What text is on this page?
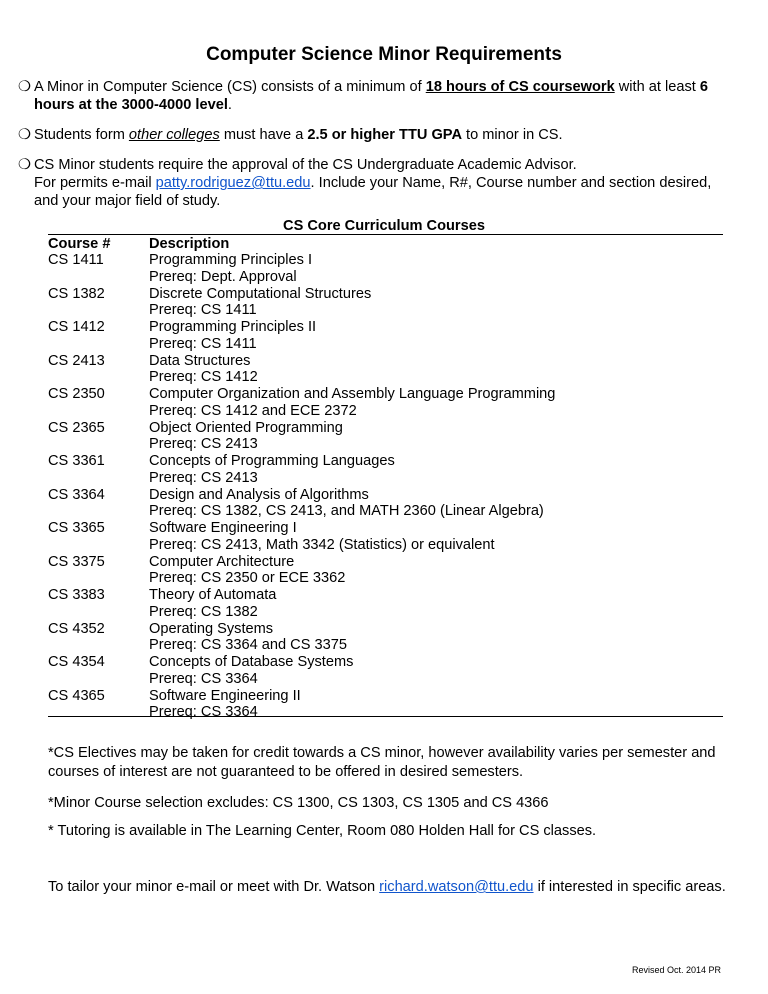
Computer Science Minor Requirements
❍ A Minor in Computer Science (CS) consists of a minimum of 18 hours of CS coursework with at least 6 hours at the 3000-4000 level.
❍ Students form other colleges must have a 2.5 or higher TTU GPA to minor in CS.
❍ CS Minor students require the approval of the CS Undergraduate Academic Advisor.
For permits e-mail patty.rodriguez@ttu.edu. Include your Name, R#, Course number and section desired, and your major field of study.
CS Core Curriculum Courses
Course #	Description
CS 1411	Programming Principles I
Prereq: Dept. Approval
CS 1382	Discrete Computational Structures
Prereq: CS 1411
CS 1412	Programming Principles II
Prereq: CS 1411
CS 2413	Data Structures
Prereq: CS 1412
CS 2350	Computer Organization and Assembly Language Programming
Prereq: CS 1412 and ECE 2372
CS 2365	Object Oriented Programming
Prereq: CS 2413
CS 3361	Concepts of Programming Languages
Prereq: CS 2413
CS 3364	Design and Analysis of Algorithms
Prereq: CS 1382, CS 2413, and MATH 2360 (Linear Algebra)
CS 3365	Software Engineering I
Prereq: CS 2413, Math 3342 (Statistics) or equivalent
CS 3375	Computer Architecture
Prereq: CS 2350 or ECE 3362
CS 3383	Theory of Automata
Prereq: CS 1382
CS 4352	Operating Systems
Prereq: CS 3364 and CS 3375
CS 4354	Concepts of Database Systems
Prereq: CS 3364
CS 4365	Software Engineering II
Prereq: CS 3364
*CS Electives may be taken for credit towards a CS minor, however availability varies per semester and courses of interest are not guaranteed to be offered in desired semesters.
*Minor Course selection excludes: CS 1300, CS 1303, CS 1305 and CS 4366
* Tutoring is available in The Learning Center, Room 080 Holden Hall for CS classes.
To tailor your minor e-mail or meet with Dr. Watson richard.watson@ttu.edu if interested in specific areas.
Revised Oct. 2014 PR
